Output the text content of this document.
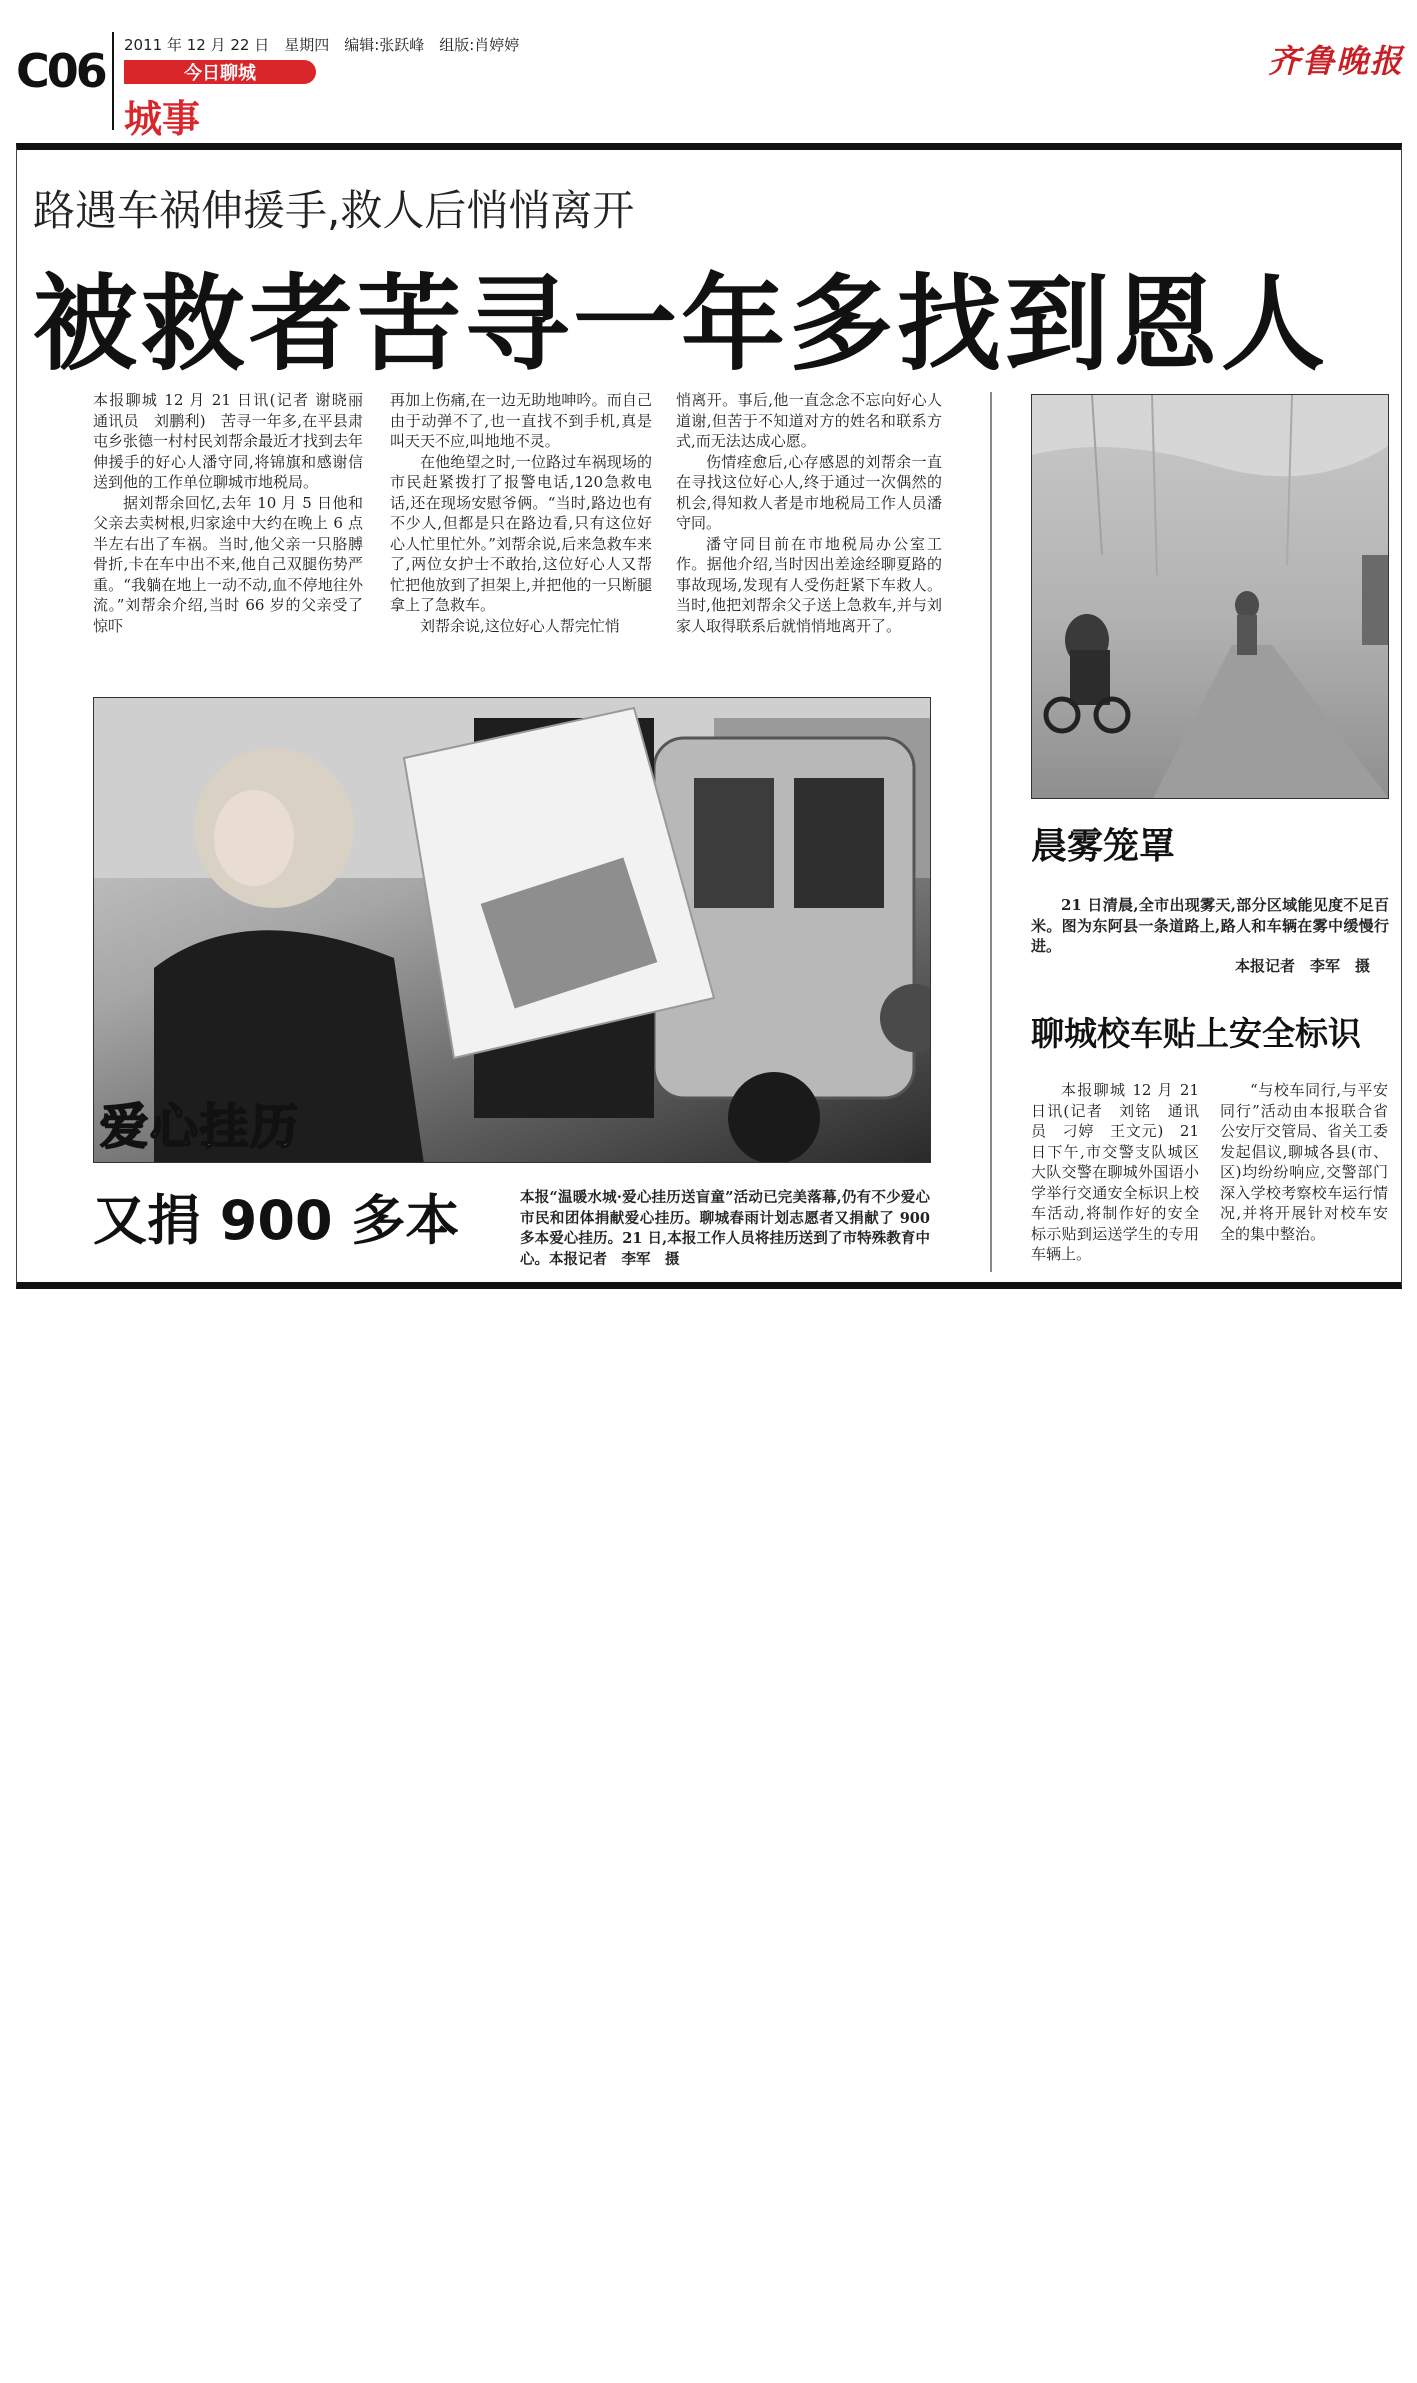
C06	2011 年 12 月 22 日　星期四　编辑:张跃峰　组版:肖婷婷
今日聊城
城事
齐鲁晚报
路遇车祸伸援手,救人后悄悄离开
被救者苦寻一年多找到恩人

本报聊城 12 月 21 日讯(记者 谢晓丽　通讯员　刘鹏利)　苦寻一年多,在平县肃屯乡张德一村村民刘帮余最近才找到去年伸援手的好心人潘守同,将锦旗和感谢信送到他的工作单位聊城市地税局。

据刘帮余回忆,去年 10 月 5 日他和父亲去卖树根,归家途中大约在晚上 6 点半左右出了车祸。当时,他父亲一只胳膊骨折,卡在车中出不来,他自己双腿伤势严重。“我躺在地上一动不动,血不停地往外流。”刘帮余介绍,当时 66 岁的父亲受了惊吓

再加上伤痛,在一边无助地呻吟。而自己由于动弹不了,也一直找不到手机,真是叫天天不应,叫地地不灵。

在他绝望之时,一位路过车祸现场的市民赶紧拨打了报警电话,120急救电话,还在现场安慰爷俩。“当时,路边也有不少人,但都是只在路边看,只有这位好心人忙里忙外。”刘帮余说,后来急救车来了,两位女护士不敢抬,这位好心人又帮忙把他放到了担架上,并把他的一只断腿拿上了急救车。

刘帮余说,这位好心人帮完忙悄

悄离开。事后,他一直念念不忘向好心人道谢,但苦于不知道对方的姓名和联系方式,而无法达成心愿。

伤情痊愈后,心存感恩的刘帮余一直在寻找这位好心人,终于通过一次偶然的机会,得知救人者是市地税局工作人员潘守同。

潘守同目前在市地税局办公室工作。据他介绍,当时因出差途经聊夏路的事故现场,发现有人受伤赶紧下车救人。当时,他把刘帮余父子送上急救车,并与刘家人取得联系后就悄悄地离开了。

爱心挂历
又捐 900 多本	本报“温暖水城·爱心挂历送盲童”活动已完美落幕,仍有不少爱心市民和团体捐献爱心挂历。聊城春雨计划志愿者又捐献了 900 多本爱心挂历。21 日,本报工作人员将挂历送到了市特殊教育中心。本报记者　李军　摄

晨雾笼罩

21 日清晨,全市出现雾天,部分区域能见度不足百米。图为东阿县一条道路上,路人和车辆在雾中缓慢行进。

本报记者　李军　摄
聊城校车贴上安全标识

本报聊城 12 月 21 日讯(记者　刘铭　通讯员　刁婷　王文元)　21 日下午,市交警支队城区大队交警在聊城外国语小学举行交通安全标识上校车活动,将制作好的安全标示贴到运送学生的专用车辆上。

“与校车同行,与平安同行”活动由本报联合省公安厅交管局、省关工委发起倡议,聊城各县(市、区)均纷纷响应,交警部门深入学校考察校车运行情况,并将开展针对校车安全的集中整治。
